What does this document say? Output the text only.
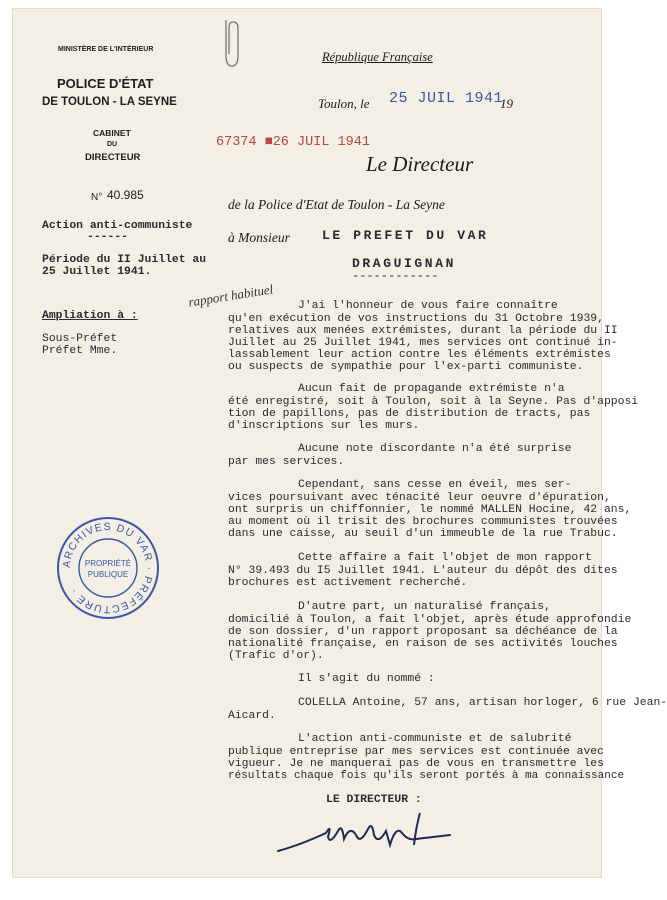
MINISTÈRE DE L'INTÉRIEUR
POLICE D'ÉTAT
DE TOULON - LA SEYNE
CABINET
DU
DIRECTEUR
N° 40.985
Action anti-communiste
------
Période du II Juillet au
25 Juillet 1941.
Ampliation à :
Sous-Préfet
Préfet Mme.
rapport habituel
République Française
Toulon, le 25 JUIL 1941
19
67374 ■26 JUIL 1941
Le Directeur
de la Police d'Etat de Toulon - La Seyne
à Monsieur LE PREFET DU VAR
DRAGUIGNAN
------------
J'ai l'honneur de vous faire connaître
qu'en exécution de vos instructions du 31 Octobre 1939,
relatives aux menées extrémistes, durant la période du II
Juillet au 25 Juillet 1941, mes services ont continué in-
lassablement leur action contre les éléments extrémistes
ou suspects de sympathie pour l'ex-parti communiste.
Aucun fait de propagande extrémiste n'a
été enregistré, soit à Toulon, soit à la Seyne. Pas d'apposi
tion de papillons, pas de distribution de tracts, pas
d'inscriptions sur les murs.
Aucune note discordante n'a été surprise
par mes services.
Cependant, sans cesse en éveil, mes ser-
vices poursuivant avec ténacité leur oeuvre d'épuration,
ont surpris un chiffonnier, le nommé MALLEN Hocine, 42 ans,
au moment où il trisit des brochures communistes trouvées
dans une caisse, au seuil d'un immeuble de la rue Trabuc.
Cette affaire a fait l'objet de mon rapport
N° 39.493 du I5 Juillet 1941. L'auteur du dépôt des dites
brochures est activement recherché.
D'autre part, un naturalisé français,
domicilié à Toulon, a fait l'objet, après étude approfondie
de son dossier, d'un rapport proposant sa déchéance de la
nationalité française, en raison de ses activités louches
(Trafic d'or).
Il s'agit du nommé :
COLELLA Antoine, 57 ans, artisan horloger, 6 rue Jean-
Aicard.
L'action anti-communiste et de salubrité
publique entreprise par mes services est continuée avec
vigueur. Je ne manquerai pas de vous en transmettre les
résultats chaque fois qu'ils seront portés à ma connaissance
LE DIRECTEUR :
ARCHIVES DU VAR · PRÉFECTURE ·
PROPRIÉTÉ
PUBLIQUE
